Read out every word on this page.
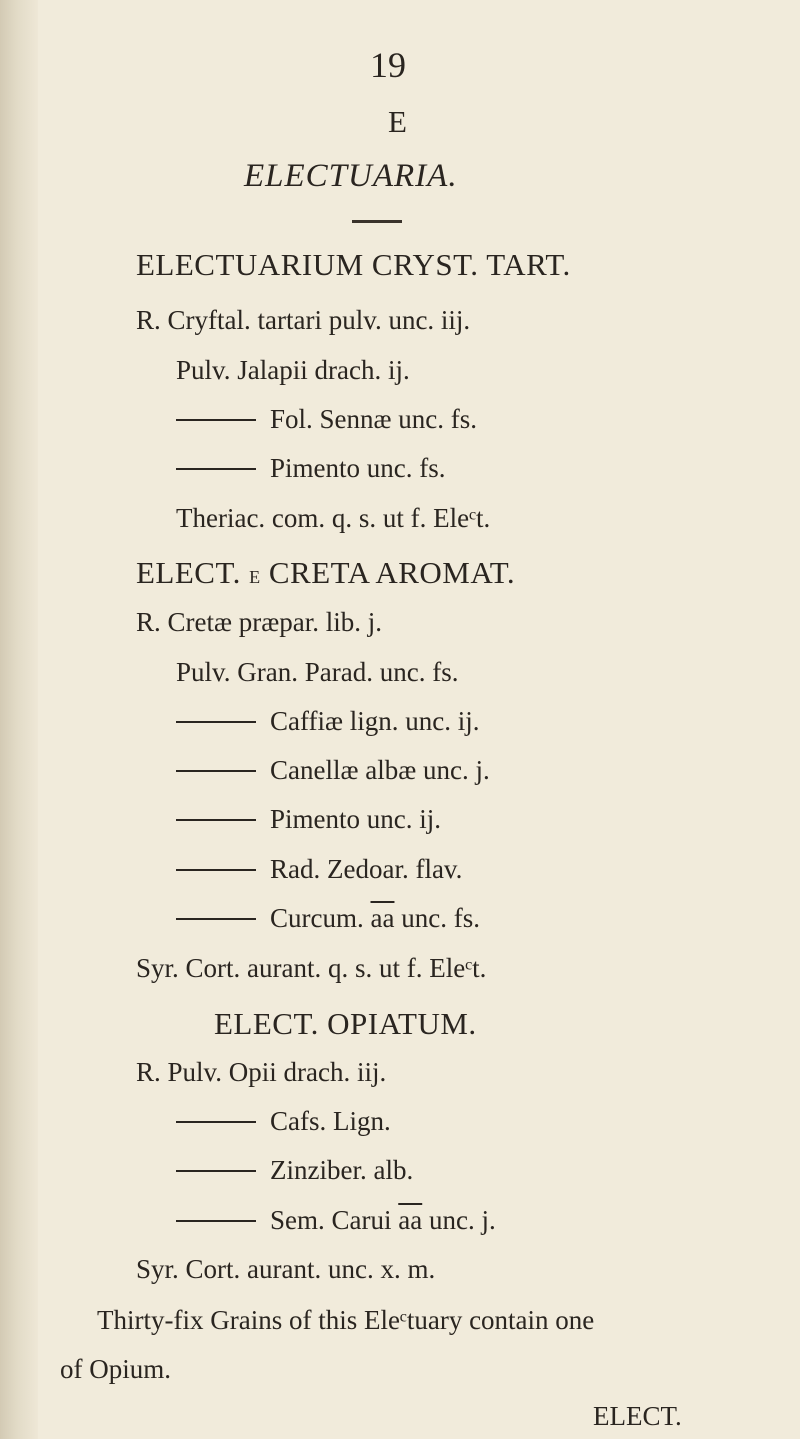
19
E
ELECTUARIA.
ELECTUARIUM CRYST. TART.
R. Cryftal. tartari pulv. unc. iij.
Pulv. Jalapii drach. ij.
Fol. Sennæ unc. fs.
Pimento unc. fs.
Theriac. com. q. s. ut f. Eleᶜt.
ELECT. E CRETA AROMAT.
R. Cretæ præpar. lib. j.
Pulv. Gran. Parad. unc. fs.
Caffiæ lign. unc. ij.
Canellæ albæ unc. j.
Pimento unc. ij.
Rad. Zedoar. flav.
Curcum. $\overline{aa}$ unc. fs.
Syr. Cort. aurant. q. s. ut f. Eleᶜt.
ELECT. OPIATUM.
R. Pulv. Opii drach. iij.
Cafs. Lign.
Zinziber. alb.
Sem. Carui $\overline{aa}$ unc. j.
Syr. Cort. aurant. unc. x. m.
Thirty-fix Grains of this Eleᶜtuary contain one
of Opium.
ELECT.
